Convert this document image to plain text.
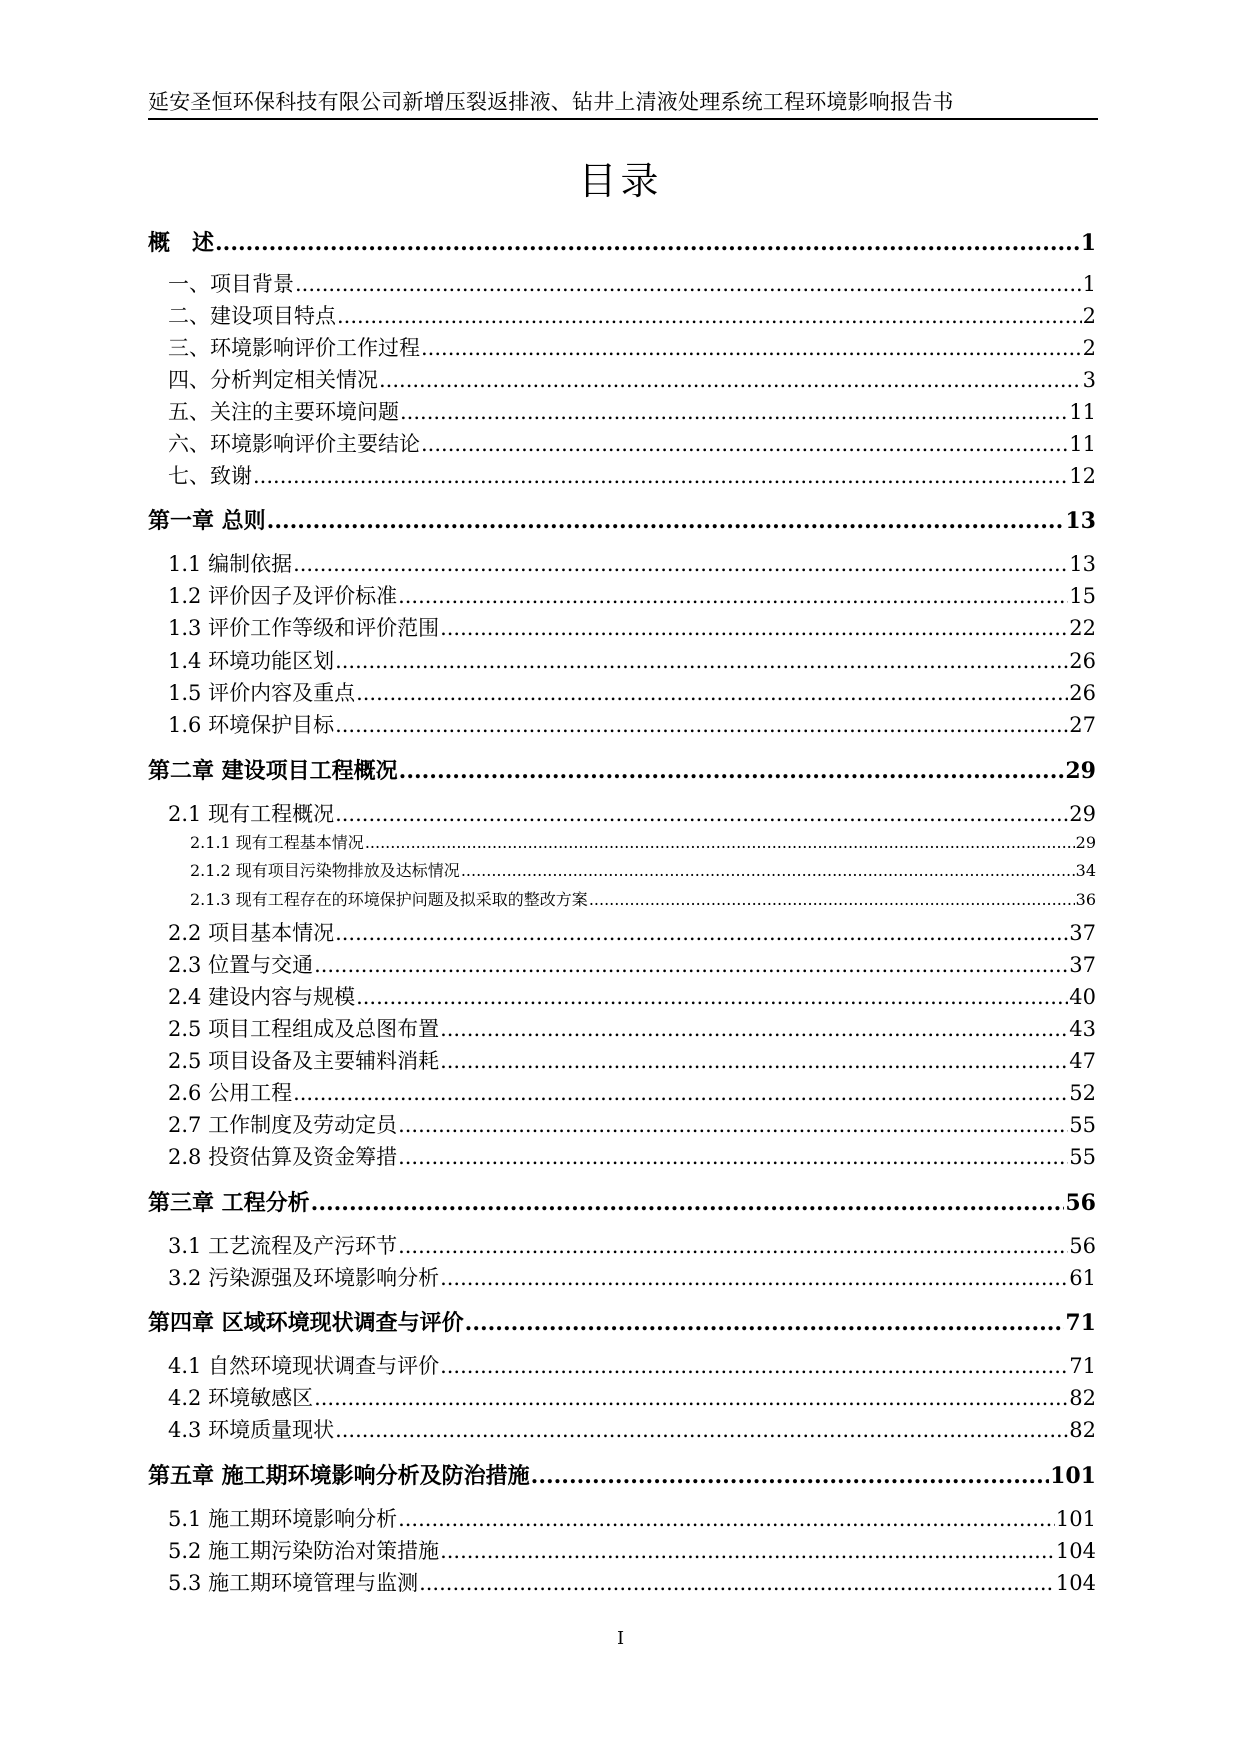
延安圣恒环保科技有限公司新增压裂返排液、钻井上清液处理系统工程环境影响报告书
目录
概　述 .....	1
一、项目背景 .....	1
二、建设项目特点 .....	2
三、环境影响评价工作过程 .....	2
四、分析判定相关情况 .....	3
五、关注的主要环境问题 .....	11
六、环境影响评价主要结论 .....	11
七、致谢 .....	12
第一章 总则 .....	13
1.1 编制依据 .....	13
1.2 评价因子及评价标准 .....	15
1.3 评价工作等级和评价范围 .....	22
1.4 环境功能区划 .....	26
1.5 评价内容及重点 .....	26
1.6 环境保护目标 .....	27
第二章 建设项目工程概况 .....	29
2.1 现有工程概况 .....	29
2.1.1 现有工程基本情况 .....	29
2.1.2 现有项目污染物排放及达标情况 .....	34
2.1.3 现有工程存在的环境保护问题及拟采取的整改方案 .....	36
2.2 项目基本情况 .....	37
2.3 位置与交通 .....	37
2.4 建设内容与规模 .....	40
2.5 项目工程组成及总图布置 .....	43
2.5 项目设备及主要辅料消耗 .....	47
2.6 公用工程 .....	52
2.7 工作制度及劳动定员 .....	55
2.8 投资估算及资金筹措 .....	55
第三章 工程分析 .....	56
3.1 工艺流程及产污环节 .....	56
3.2 污染源强及环境影响分析 .....	61
第四章 区域环境现状调查与评价 .....	71
4.1 自然环境现状调查与评价 .....	71
4.2 环境敏感区 .....	82
4.3 环境质量现状 .....	82
第五章 施工期环境影响分析及防治措施 .....	101
5.1 施工期环境影响分析 .....	101
5.2 施工期污染防治对策措施 .....	104
5.3 施工期环境管理与监测 .....	104
I
